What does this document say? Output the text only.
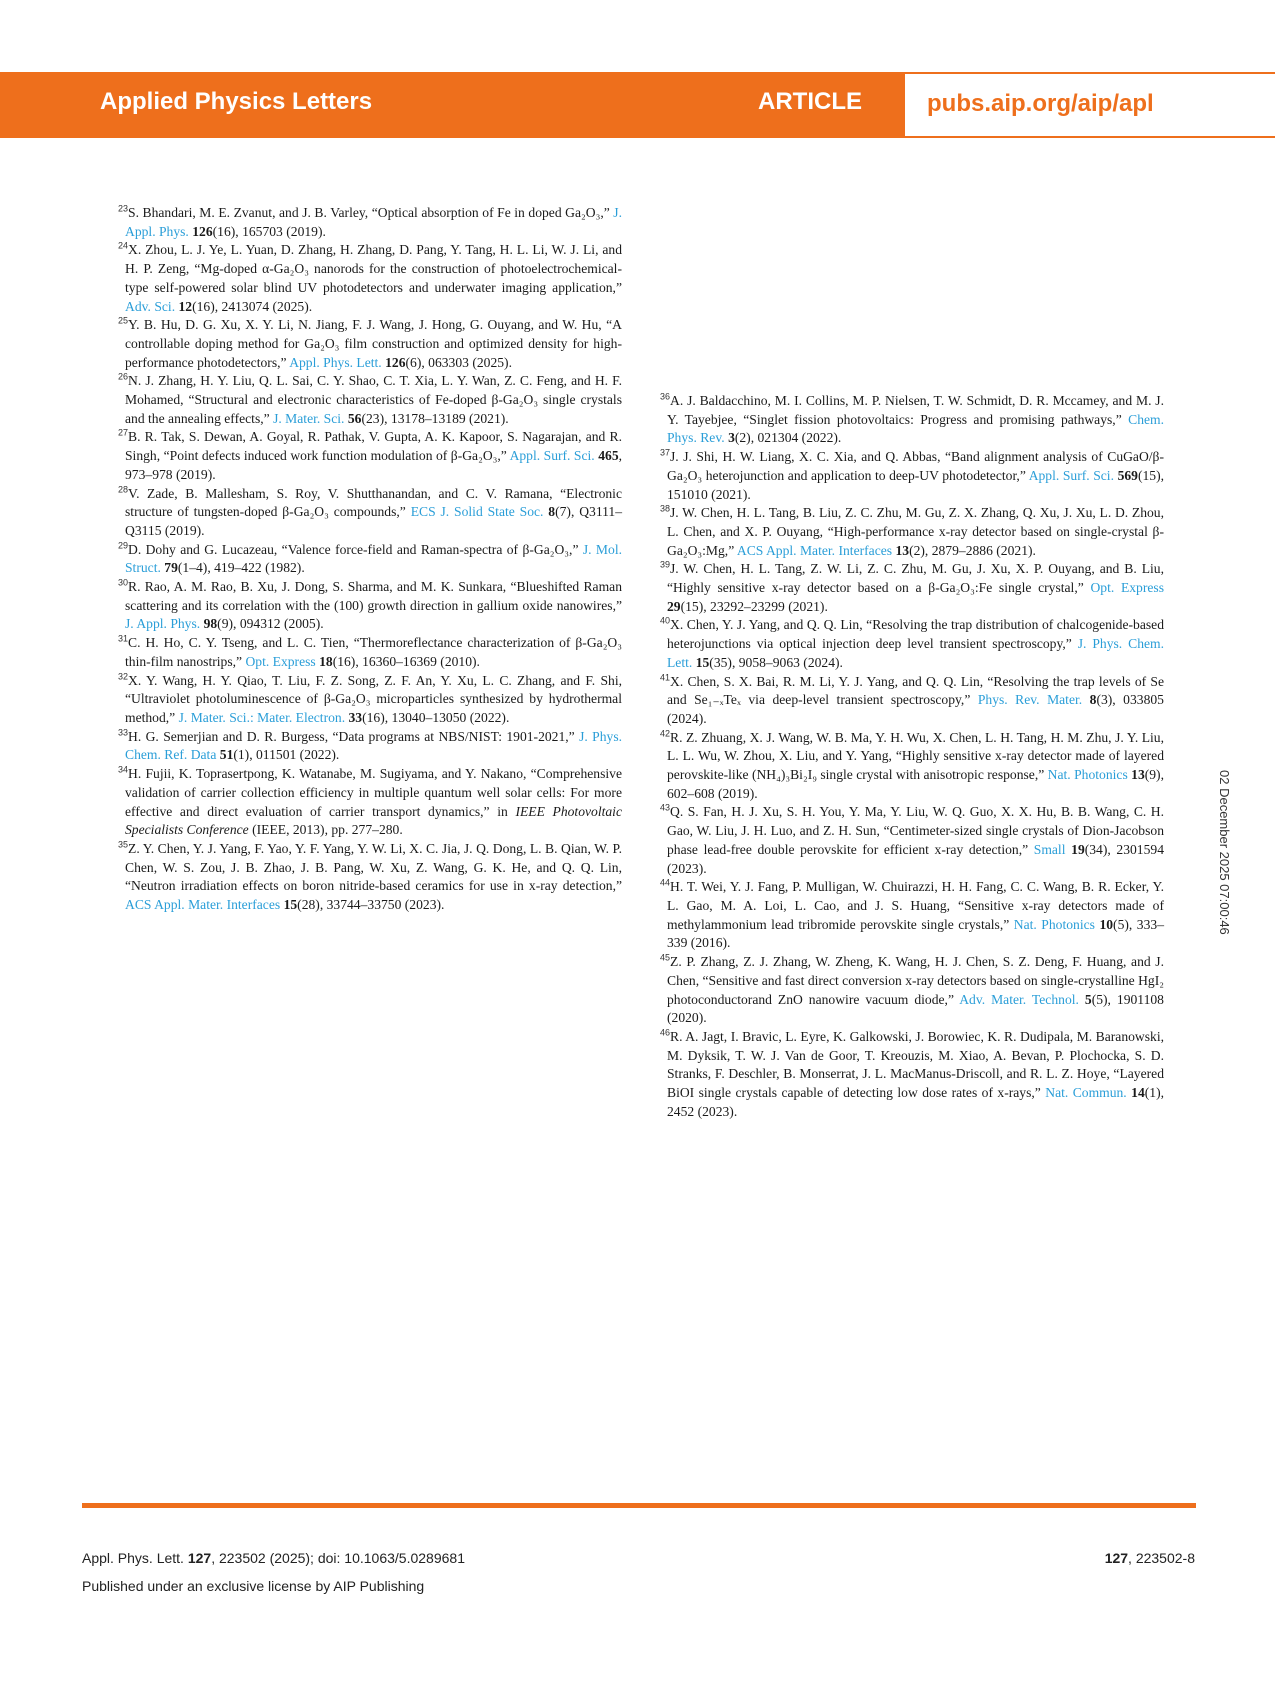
Applied Physics Letters	ARTICLE	pubs.aip.org/aip/apl

$^{23}$S. Bhandari, M. E. Zvanut, and J. B. Varley, “Optical absorption of Fe in doped Ga₂O₃,” J. Appl. Phys. 126(16), 165703 (2019).

$^{24}$X. Zhou, L. J. Ye, L. Yuan, D. Zhang, H. Zhang, D. Pang, Y. Tang, H. L. Li, W. J. Li, and H. P. Zeng, “Mg-doped α-Ga₂O₃ nanorods for the construction of photoelectrochemical-type self-powered solar blind UV photodetectors and underwater imaging application,” Adv. Sci. 12(16), 2413074 (2025).

$^{25}$Y. B. Hu, D. G. Xu, X. Y. Li, N. Jiang, F. J. Wang, J. Hong, G. Ouyang, and W. Hu, “A controllable doping method for Ga₂O₃ film construction and optimized density for high-performance photodetectors,” Appl. Phys. Lett. 126(6), 063303 (2025).

$^{26}$N. J. Zhang, H. Y. Liu, Q. L. Sai, C. Y. Shao, C. T. Xia, L. Y. Wan, Z. C. Feng, and H. F. Mohamed, “Structural and electronic characteristics of Fe-doped β-Ga₂O₃ single crystals and the annealing effects,” J. Mater. Sci. 56(23), 13178–13189 (2021).

$^{27}$B. R. Tak, S. Dewan, A. Goyal, R. Pathak, V. Gupta, A. K. Kapoor, S. Nagarajan, and R. Singh, “Point defects induced work function modulation of β-Ga₂O₃,” Appl. Surf. Sci. 465, 973–978 (2019).

$^{28}$V. Zade, B. Mallesham, S. Roy, V. Shutthanandan, and C. V. Ramana, “Electronic structure of tungsten-doped β-Ga₂O₃ compounds,” ECS J. Solid State Soc. 8(7), Q3111–Q3115 (2019).

$^{29}$D. Dohy and G. Lucazeau, “Valence force-field and Raman-spectra of β-Ga₂O₃,” J. Mol. Struct. 79(1–4), 419–422 (1982).

$^{30}$R. Rao, A. M. Rao, B. Xu, J. Dong, S. Sharma, and M. K. Sunkara, “Blueshifted Raman scattering and its correlation with the (100) growth direction in gallium oxide nanowires,” J. Appl. Phys. 98(9), 094312 (2005).

$^{31}$C. H. Ho, C. Y. Tseng, and L. C. Tien, “Thermoreflectance characterization of β-Ga₂O₃ thin-film nanostrips,” Opt. Express 18(16), 16360–16369 (2010).

$^{32}$X. Y. Wang, H. Y. Qiao, T. Liu, F. Z. Song, Z. F. An, Y. Xu, L. C. Zhang, and F. Shi, “Ultraviolet photoluminescence of β-Ga₂O₃ microparticles synthesized by hydrothermal method,” J. Mater. Sci.: Mater. Electron. 33(16), 13040–13050 (2022).

$^{33}$H. G. Semerjian and D. R. Burgess, “Data programs at NBS/NIST: 1901-2021,” J. Phys. Chem. Ref. Data 51(1), 011501 (2022).

$^{34}$H. Fujii, K. Toprasertpong, K. Watanabe, M. Sugiyama, and Y. Nakano, “Comprehensive validation of carrier collection efficiency in multiple quantum well solar cells: For more effective and direct evaluation of carrier transport dynamics,” in IEEE Photovoltaic Specialists Conference (IEEE, 2013), pp. 277–280.

$^{35}$Z. Y. Chen, Y. J. Yang, F. Yao, Y. F. Yang, Y. W. Li, X. C. Jia, J. Q. Dong, L. B. Qian, W. P. Chen, W. S. Zou, J. B. Zhao, J. B. Pang, W. Xu, Z. Wang, G. K. He, and Q. Q. Lin, “Neutron irradiation effects on boron nitride-based ceramics for use in x-ray detection,” ACS Appl. Mater. Interfaces 15(28), 33744–33750 (2023).

$^{36}$A. J. Baldacchino, M. I. Collins, M. P. Nielsen, T. W. Schmidt, D. R. Mccamey, and M. J. Y. Tayebjee, “Singlet fission photovoltaics: Progress and promising pathways,” Chem. Phys. Rev. 3(2), 021304 (2022).

$^{37}$J. J. Shi, H. W. Liang, X. C. Xia, and Q. Abbas, “Band alignment analysis of CuGaO/β-Ga₂O₃ heterojunction and application to deep-UV photodetector,” Appl. Surf. Sci. 569(15), 151010 (2021).

$^{38}$J. W. Chen, H. L. Tang, B. Liu, Z. C. Zhu, M. Gu, Z. X. Zhang, Q. Xu, J. Xu, L. D. Zhou, L. Chen, and X. P. Ouyang, “High-performance x-ray detector based on single-crystal β-Ga₂O₃:Mg,” ACS Appl. Mater. Interfaces 13(2), 2879–2886 (2021).

$^{39}$J. W. Chen, H. L. Tang, Z. W. Li, Z. C. Zhu, M. Gu, J. Xu, X. P. Ouyang, and B. Liu, “Highly sensitive x-ray detector based on a β-Ga₂O₃:Fe single crystal,” Opt. Express 29(15), 23292–23299 (2021).

$^{40}$X. Chen, Y. J. Yang, and Q. Q. Lin, “Resolving the trap distribution of chalcogenide-based heterojunctions via optical injection deep level transient spectroscopy,” J. Phys. Chem. Lett. 15(35), 9058–9063 (2024).

$^{41}$X. Chen, S. X. Bai, R. M. Li, Y. J. Yang, and Q. Q. Lin, “Resolving the trap levels of Se and Se₁₋ₓTeₓ via deep-level transient spectroscopy,” Phys. Rev. Mater. 8(3), 033805 (2024).

$^{42}$R. Z. Zhuang, X. J. Wang, W. B. Ma, Y. H. Wu, X. Chen, L. H. Tang, H. M. Zhu, J. Y. Liu, L. L. Wu, W. Zhou, X. Liu, and Y. Yang, “Highly sensitive x-ray detector made of layered perovskite-like (NH₄)₃Bi₂I₉ single crystal with anisotropic response,” Nat. Photonics 13(9), 602–608 (2019).

$^{43}$Q. S. Fan, H. J. Xu, S. H. You, Y. Ma, Y. Liu, W. Q. Guo, X. X. Hu, B. B. Wang, C. H. Gao, W. Liu, J. H. Luo, and Z. H. Sun, “Centimeter-sized single crystals of Dion-Jacobson phase lead-free double perovskite for efficient x-ray detection,” Small 19(34), 2301594 (2023).

$^{44}$H. T. Wei, Y. J. Fang, P. Mulligan, W. Chuirazzi, H. H. Fang, C. C. Wang, B. R. Ecker, Y. L. Gao, M. A. Loi, L. Cao, and J. S. Huang, “Sensitive x-ray detectors made of methylammonium lead tribromide perovskite single crystals,” Nat. Photonics 10(5), 333–339 (2016).

$^{45}$Z. P. Zhang, Z. J. Zhang, W. Zheng, K. Wang, H. J. Chen, S. Z. Deng, F. Huang, and J. Chen, “Sensitive and fast direct conversion x-ray detectors based on single-crystalline HgI₂ photoconductorand ZnO nanowire vacuum diode,” Adv. Mater. Technol. 5(5), 1901108 (2020).

$^{46}$R. A. Jagt, I. Bravic, L. Eyre, K. Galkowski, J. Borowiec, K. R. Dudipala, M. Baranowski, M. Dyksik, T. W. J. Van de Goor, T. Kreouzis, M. Xiao, A. Bevan, P. Plochocka, S. D. Stranks, F. Deschler, B. Monserrat, J. L. MacManus-Driscoll, and R. L. Z. Hoye, “Layered BiOI single crystals capable of detecting low dose rates of x-rays,” Nat. Commun. 14(1), 2452 (2023).

02 December 2025 07:00:46
Appl. Phys. Lett. 127, 223502 (2025); doi: 10.1063/5.0289681	127, 223502-8
Published under an exclusive license by AIP Publishing
